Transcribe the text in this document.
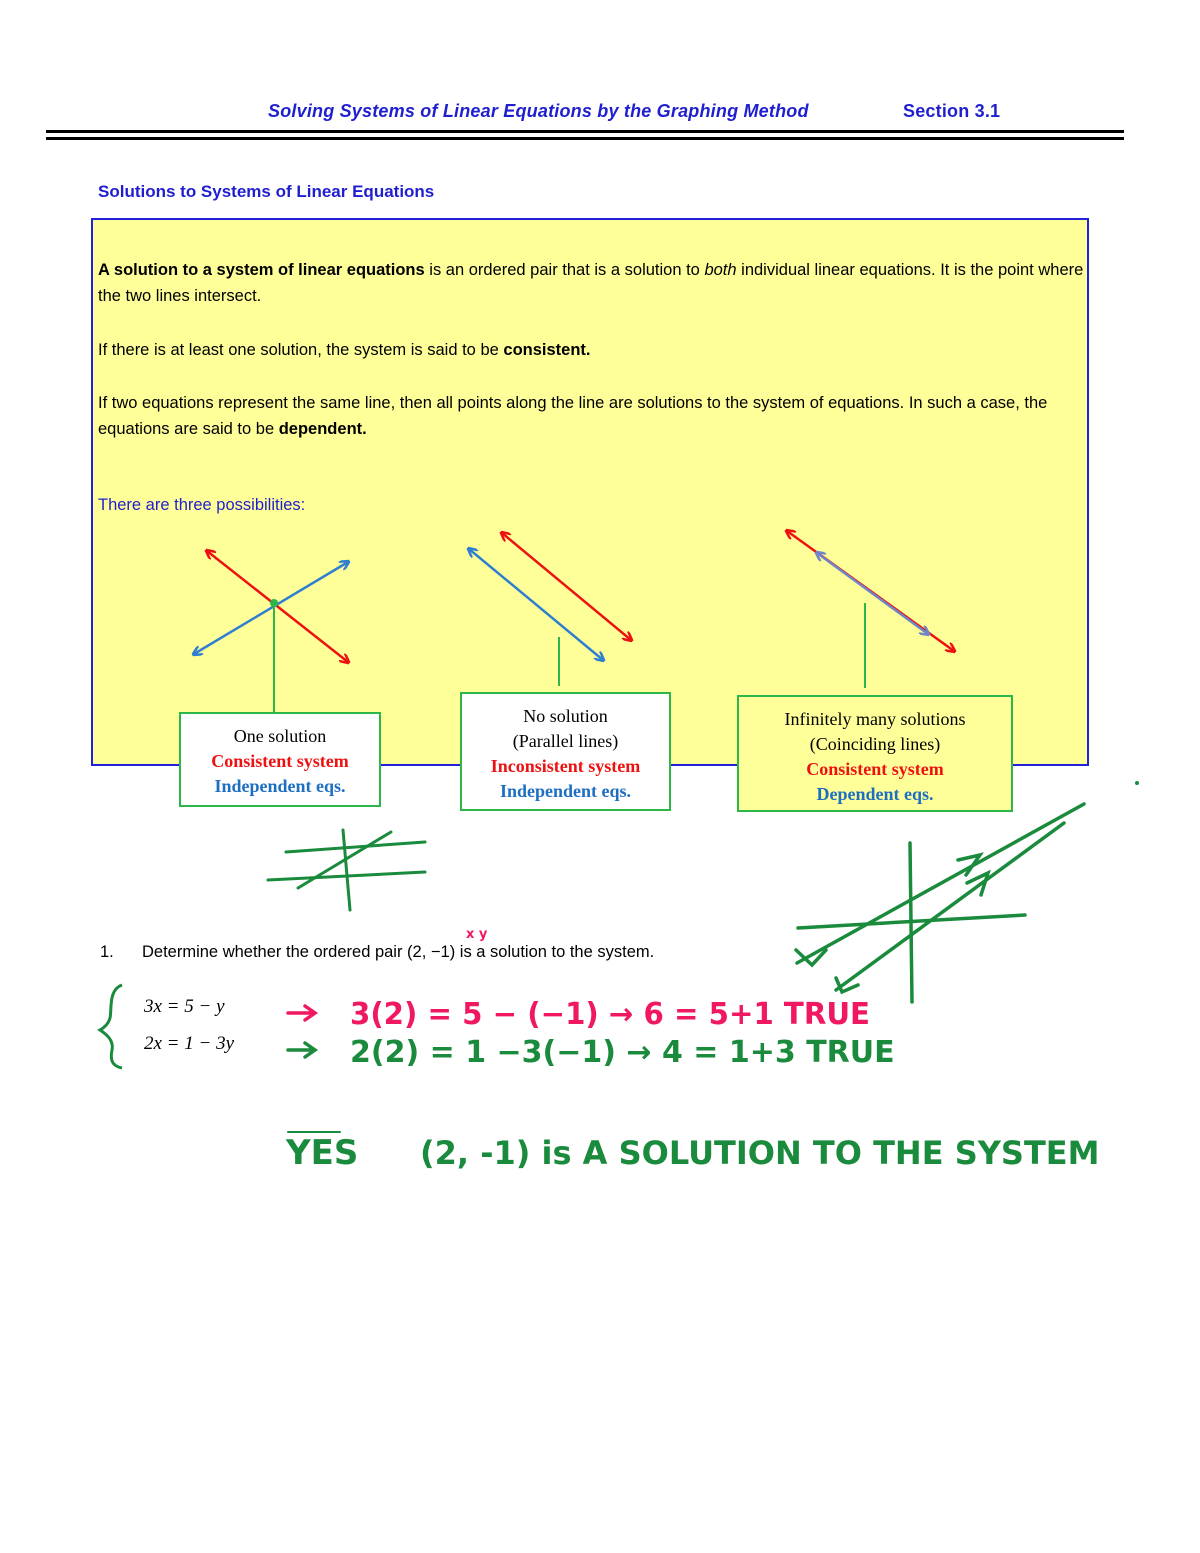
Solving Systems of Linear Equations by the Graphing Method	Section 3.1
Solutions to Systems of Linear Equations
A solution to a system of linear equations is an ordered pair that is a solution to both individual linear equations. It is the point where the two lines intersect.
If there is at least one solution, the system is said to be consistent.
If two equations represent the same line, then all points along the line are solutions to the system of equations. In such a case, the equations are said to be dependent.
There are three possibilities:
One solution
Consistent system
Independent eqs.
No solution
(Parallel lines)
Inconsistent system
Independent eqs.
Infinitely many solutions
(Coinciding lines)
Consistent system
Dependent eqs.
1. Determine whether the ordered pair (2, −1) is a solution to the system.
3x = 5 − y
2x = 1 − 3y
x y
3(2) = 5 − (−1) → 6 = 5+1 TRUE
2(2) = 1 −3(−1) → 4 = 1+3 TRUE
YES (2, -1) is A SOLUTION TO THE SYSTEM
